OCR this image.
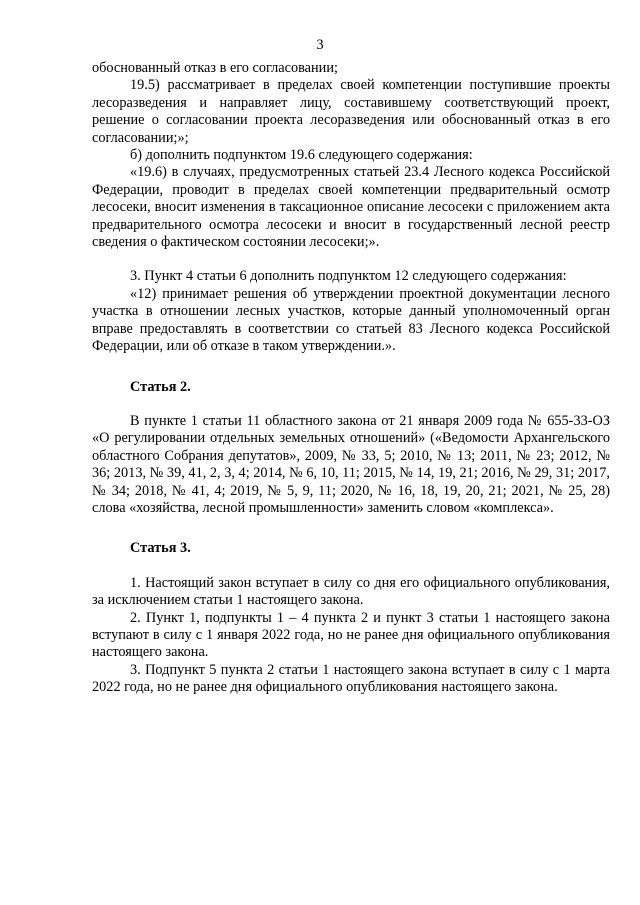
3

обоснованный отказ в его согласовании;

19.5) рассматривает в пределах своей компетенции поступившие проекты лесоразведения и направляет лицу, составившему соответствующий проект, решение о согласовании проекта лесоразведения или обоснованный отказ в его согласовании;»;

б) дополнить подпунктом 19.6 следующего содержания:

«19.6) в случаях, предусмотренных статьей 23.4 Лесного кодекса Российской Федерации, проводит в пределах своей компетенции предварительный осмотр лесосеки, вносит изменения в таксационное описание лесосеки с приложением акта предварительного осмотра лесосеки и вносит в государственный лесной реестр сведения о фактическом состоянии лесосеки;».

3. Пункт 4 статьи 6 дополнить подпунктом 12 следующего содержания:

«12) принимает решения об утверждении проектной документации лесного участка в отношении лесных участков, которые данный уполномоченный орган вправе предоставлять в соответствии со статьей 83 Лесного кодекса Российской Федерации, или об отказе в таком утверждении.».

Статья 2.

В пункте 1 статьи 11 областного закона от 21 января 2009 года № 655-33-ОЗ «О регулировании отдельных земельных отношений» («Ведомости Архангельского областного Собрания депутатов», 2009, № 33, 5; 2010, № 13; 2011, № 23; 2012, № 36; 2013, № 39, 41, 2, 3, 4; 2014, № 6, 10, 11; 2015, № 14, 19, 21; 2016, № 29, 31; 2017, № 34; 2018, № 41, 4; 2019, № 5, 9, 11; 2020, № 16, 18, 19, 20, 21; 2021, № 25, 28) слова «хозяйства, лесной промышленности» заменить словом «комплекса».

Статья 3.

1. Настоящий закон вступает в силу со дня его официального опубликования, за исключением статьи 1 настоящего закона.

2. Пункт 1, подпункты 1 – 4 пункта 2 и пункт 3 статьи 1 настоящего закона вступают в силу с 1 января 2022 года, но не ранее дня официального опубликования настоящего закона.

3. Подпункт 5 пункта 2 статьи 1 настоящего закона вступает в силу с 1 марта 2022 года, но не ранее дня официального опубликования настоящего закона.
